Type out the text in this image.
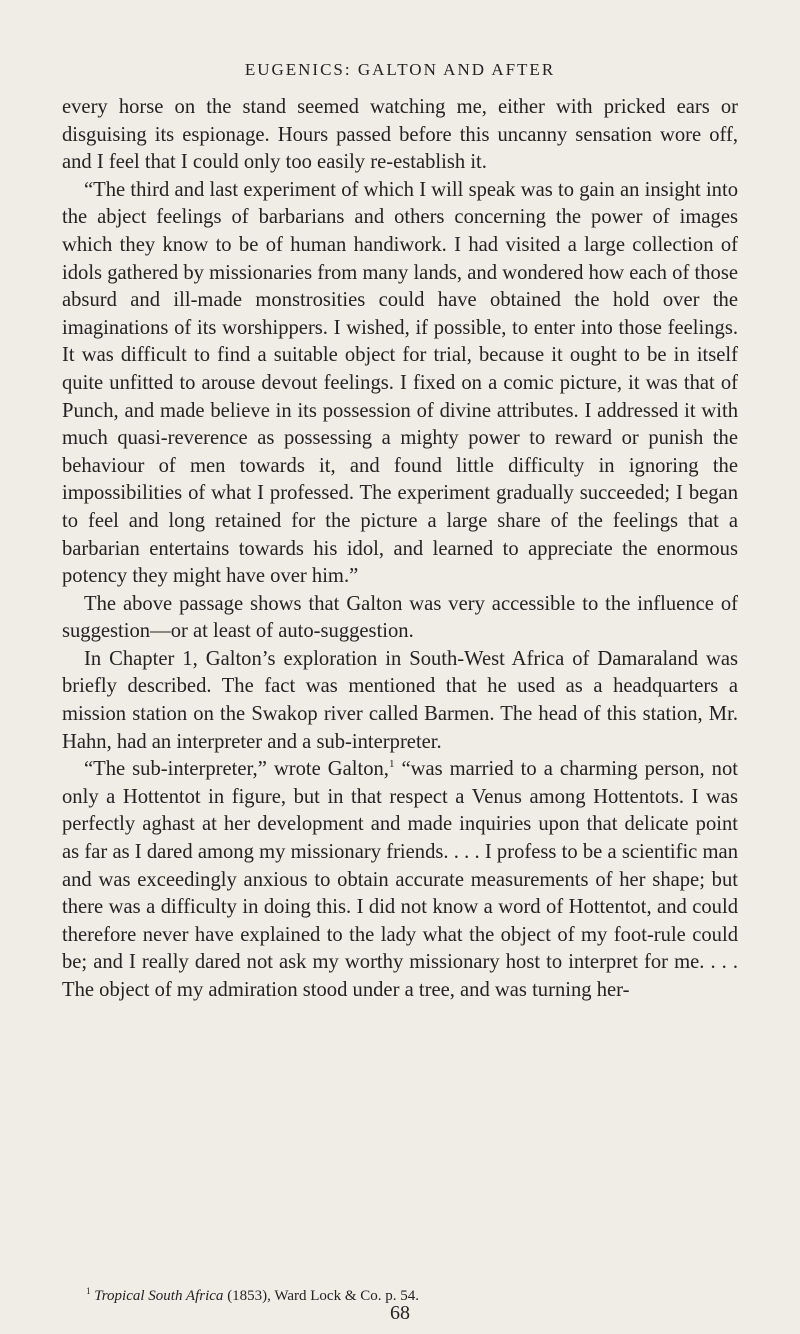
EUGENICS: GALTON AND AFTER

every horse on the stand seemed watching me, either with pricked ears or disguising its espionage. Hours passed before this uncanny sensation wore off, and I feel that I could only too easily re-establish it.

“The third and last experiment of which I will speak was to gain an insight into the abject feelings of barbarians and others concerning the power of images which they know to be of human handiwork. I had visited a large collection of idols gathered by missionaries from many lands, and wondered how each of those absurd and ill-made monstrosities could have obtained the hold over the imaginations of its worshippers. I wished, if possible, to enter into those feelings. It was difficult to find a suitable object for trial, because it ought to be in itself quite unfitted to arouse devout feelings. I fixed on a comic picture, it was that of Punch, and made believe in its possession of divine attributes. I addressed it with much quasi-reverence as possessing a mighty power to reward or punish the behaviour of men towards it, and found little difficulty in ignoring the impossibilities of what I professed. The experiment gradually succeeded; I began to feel and long retained for the picture a large share of the feelings that a barbarian entertains towards his idol, and learned to appreciate the enormous potency they might have over him.”

The above passage shows that Galton was very accessible to the influence of suggestion—or at least of auto-suggestion.

In Chapter 1, Galton’s exploration in South-West Africa of Damaraland was briefly described. The fact was mentioned that he used as a headquarters a mission station on the Swakop river called Barmen. The head of this station, Mr. Hahn, had an interpreter and a sub-interpreter.

“The sub-interpreter,” wrote Galton,$^1$ “was married to a charming person, not only a Hottentot in figure, but in that respect a Venus among Hottentots. I was perfectly aghast at her development and made inquiries upon that delicate point as far as I dared among my missionary friends. . . . I profess to be a scientific man and was exceedingly anxious to obtain accurate measurements of her shape; but there was a difficulty in doing this. I did not know a word of Hottentot, and could therefore never have explained to the lady what the object of my foot-rule could be; and I really dared not ask my worthy missionary host to interpret for me. . . . The object of my admiration stood under a tree, and was turning her-

$^1$ Tropical South Africa (1853), Ward Lock & Co. p. 54.
68
